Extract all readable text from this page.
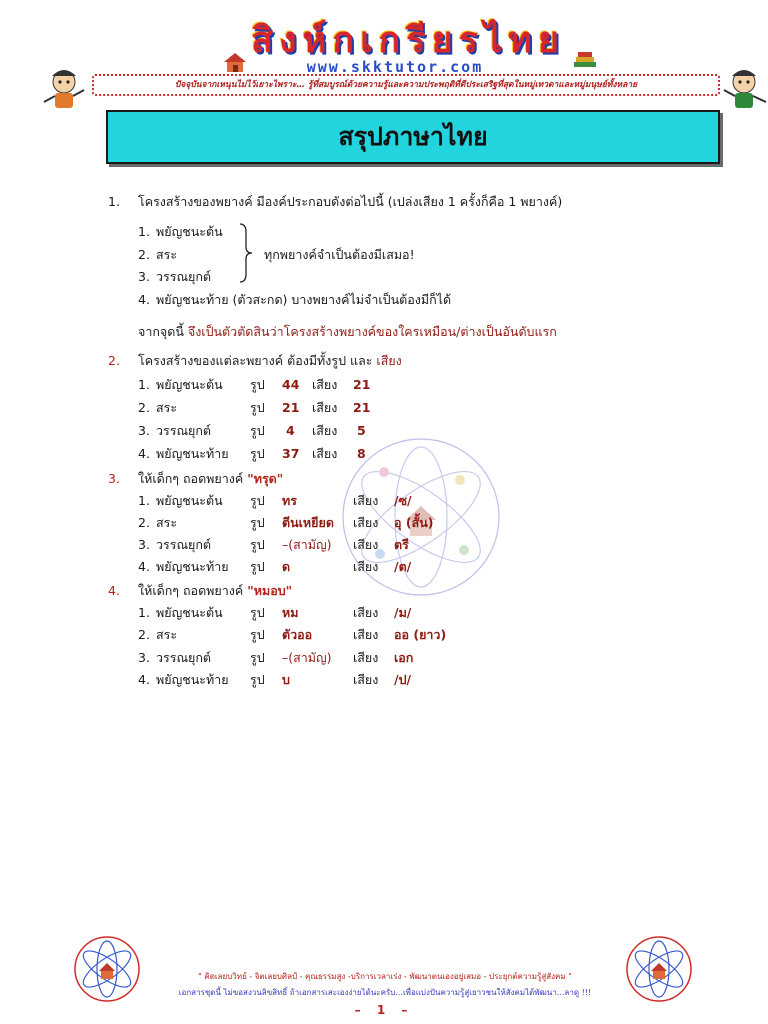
สิงห์กเกรียรไทย
www.skktutor.com
ปัจจุบันจากเหนุนไม่ไว้เยาะไพราะ… รู้ที่สมบูรณ์ด้วยความรู้และความประพฤติที่ดีประเสริฐที่สุดในหมู่เทวดาและหมู่มนุษย์ทั้งหลาย
สรุปภาษาไทย
1. โครงสร้างของพยางค์ มีองค์ประกอบดังต่อไปนี้ (เปล่งเสียง 1 ครั้งก็คือ 1 พยางค์)
1. พยัญชนะต้น
2. สระ
3. วรรณยุกต์
ทุกพยางค์จำเป็นต้องมีเสมอ!
4. พยัญชนะท้าย (ตัวสะกด) บางพยางค์ไม่จำเป็นต้องมีก็ได้
จากจุดนี้ จึงเป็นตัวตัดสินว่าโครงสร้างพยางค์ของใครเหมือน/ต่างเป็นอันดับแรก
2. โครงสร้างของแต่ละพยางค์ ต้องมีทั้งรูป และ เสียง
1. พยัญชนะต้น รูป 44 เสียง 21
2. สระ	รูป 21 เสียง 21
3. วรรณยุกต์	รูป 4 เสียง 5
4. พยัญชนะท้าย รูป 37 เสียง 8
3. ให้เด็กๆ ถอดพยางค์ "ทรุด"
1. พยัญชนะต้น รูป ทร	เสียง /ซ/
2. สระ	รูป ตีนเหยียด เสียง อุ (สั้น)
3. วรรณยุกต์	รูป –(สามัญ) เสียง ตรี
4. พยัญชนะท้าย รูป ด	เสียง /ต/
4. ให้เด็กๆ ถอดพยางค์ "หมอบ"
1. พยัญชนะต้น รูป หม	เสียง /ม/
2. สระ	รูป ตัวออ	เสียง ออ (ยาว)
3. วรรณยุกต์	รูป –(สามัญ) เสียง เอก
4. พยัญชนะท้าย รูป บ	เสียง /ป/
" คิดเลยบวิทย์ - จิตเลยบศิลป์ - คุณธรรมสูง -บริการเวลาเร่ง - พัฒนาตนเองอยู่เสมอ - ประยุกต์ความรู้สู่สังคม "
เอกสารชุดนี้ ไม่ขอสงวนลิขสิทธิ์ ถ้าเอกสารเสะเองง่ายได้นะครับ...เพื่อแบ่งปันความรู้สู่เยาวชนให้สังคมได้พัฒนา...ลาดู !!!
– 1 –
